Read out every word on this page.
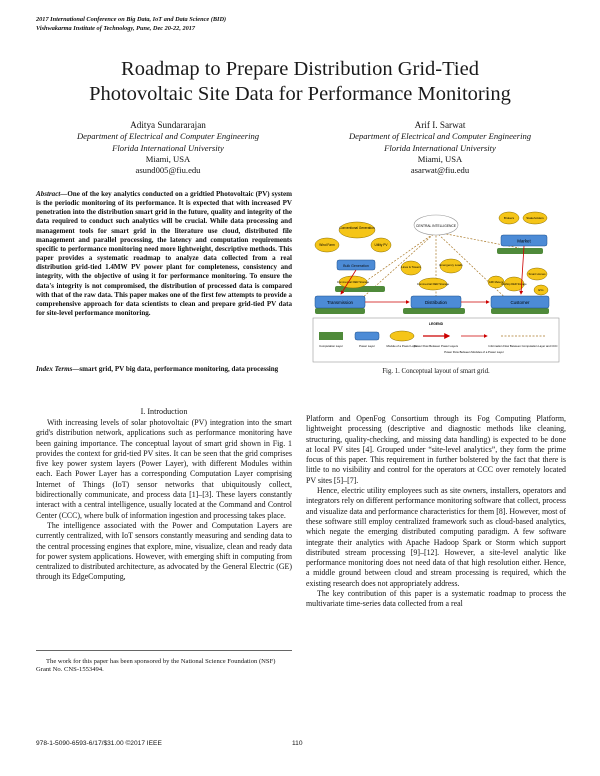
2017 International Conference on Big Data, IoT and Data Science (BID)
Vishwakarma Institute of Technology, Pune, Dec 20-22, 2017
Roadmap to Prepare Distribution Grid-Tied
Photovoltaic Site Data for Performance Monitoring
Aditya Sundararajan
Department of Electrical and Computer Engineering
Florida International University
Miami, USA
asund005@fiu.edu
Arif I. Sarwat
Department of Electrical and Computer Engineering
Florida International University
Miami, USA
asarwat@fiu.edu
Abstract—One of the key analytics conducted on a gridtied Photovoltaic (PV) system is the periodic monitoring of its performance. It is expected that with increased PV penetration into the distribution smart grid in the future, quality and integrity of the data required to conduct such analytics will be crucial. While data processing and management tools for smart grid in the literature use cloud, distributed file management and parallel processing, the latency and computation requirements specific to performance monitoring need more lightweight, descriptive methods. This paper provides a systematic roadmap to analyze data collected from a real distribution grid-tied 1.4MW PV power plant for completeness, consistency and integrity, with the objective of using it for performance monitoring. To ensure the data's integrity is not compromised, the distribution of processed data is compared with that of the raw data. This paper makes one of the first few attempts to provide a comprehensive approach for data scientists to clean and prepare grid-tied PV data for site-level performance monitoring.
Index Terms—smart grid, PV big data, performance monitoring, data processing
I. Introduction

With increasing levels of solar photovoltaic (PV) integration into the smart grid's distribution network, applications such as performance monitoring have been gaining importance. The conceptual layout of smart grid shown in Fig. 1 provides the context for grid-tied PV sites. It can be seen that the grid comprises five key power system layers (Power Layer), with different Modules within each. Each Power Layer has a corresponding Computation Layer comprising Internet of Things (IoT) sensor networks that ubiquitously collect, bidirectionally communicate, and process data [1]–[3]. These layers constantly interact with a central intelligence, usually located at the Command and Control Center (CCC), where bulk of information ingestion and processing takes place.

The intelligence associated with the Power and Computation Layers are currently centralized, with IoT sensors constantly measuring and sending data to the central processing engines that explore, mine, visualize, clean and ready data for power system applications. However, with emerging shift in computing from centralized to distributed architecture, as advocated by the General Electric (GE) through its EdgeComputing,

The work for this paper has been sponsored by the National Science Foundation (NSF) Grant No. CNS-1553494.
CENTRAL INTELLIGENCE
Conventional Generation
Wind Farm	Utility PV
Bulk Generation
Commercial DER Storage
Transmission
Lines & Towers	Emergency Loads
Commercial DER Storage
Distribution
Brokers	Stakeholders
Market
AMI Meters
Rooftop DER Storage
Smart Homes
EVs
Customer
LEGEND
Computation Layer	Power Layer	Module of a Power Layer
Power Flow Between Power Layers
Power Flow Between Modules of a Power Layer
Information Flow Between Computation Layer and CCC
Fig. 1. Conceptual layout of smart grid.

Platform and OpenFog Consortium through its Fog Computing Platform, lightweight processing (descriptive and diagnostic methods like cleaning, structuring, quality-checking, and missing data handling) is expected to be done at local PV sites [4]. Grouped under “site-level analytics”, they form the prime focus of this paper. This requirement in further bolstered by the fact that there is little to no visibility and control for the operators at CCC over remotely located PV sites [5]–[7].

Hence, electric utility employees such as site owners, installers, operators and integrators rely on different performance monitoring software that collect, process and visualize data and performance characteristics for them [8]. However, most of these software still employ centralized framework such as cloud-based analytics, which negate the emerging distributed computing paradigm. A few software integrate their analytics with Apache Hadoop Spark or Storm which support distributed stream processing [9]–[12]. However, a site-level analytic like performance monitoring does not need data of that high resolution either. Hence, a middle ground between cloud and stream processing is required, which the existing research does not appropriately address.

The key contribution of this paper is a systematic roadmap to process the multivariate time-series data collected from a real

978-1-5090-6593-6/17/$31.00 ©2017 IEEE	110
